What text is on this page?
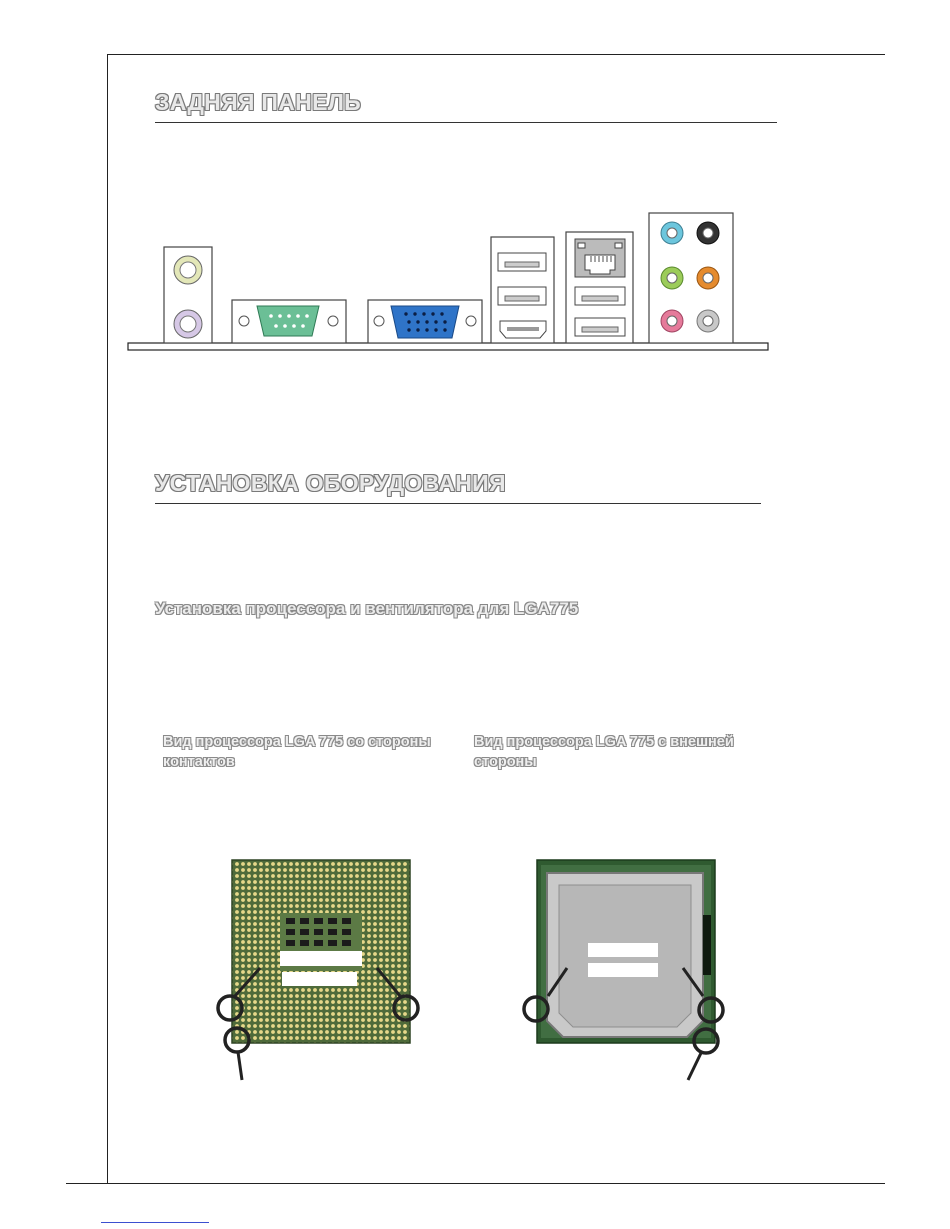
ЗАДНЯЯ ПАНЕЛЬ
УСТАНОВКА ОБОРУДОВАНИЯ
Установка процессора и вентилятора для LGA775
Вид процессора LGA 775 со стороны
контактов
Вид процессора LGA 775 с внешней
стороны
